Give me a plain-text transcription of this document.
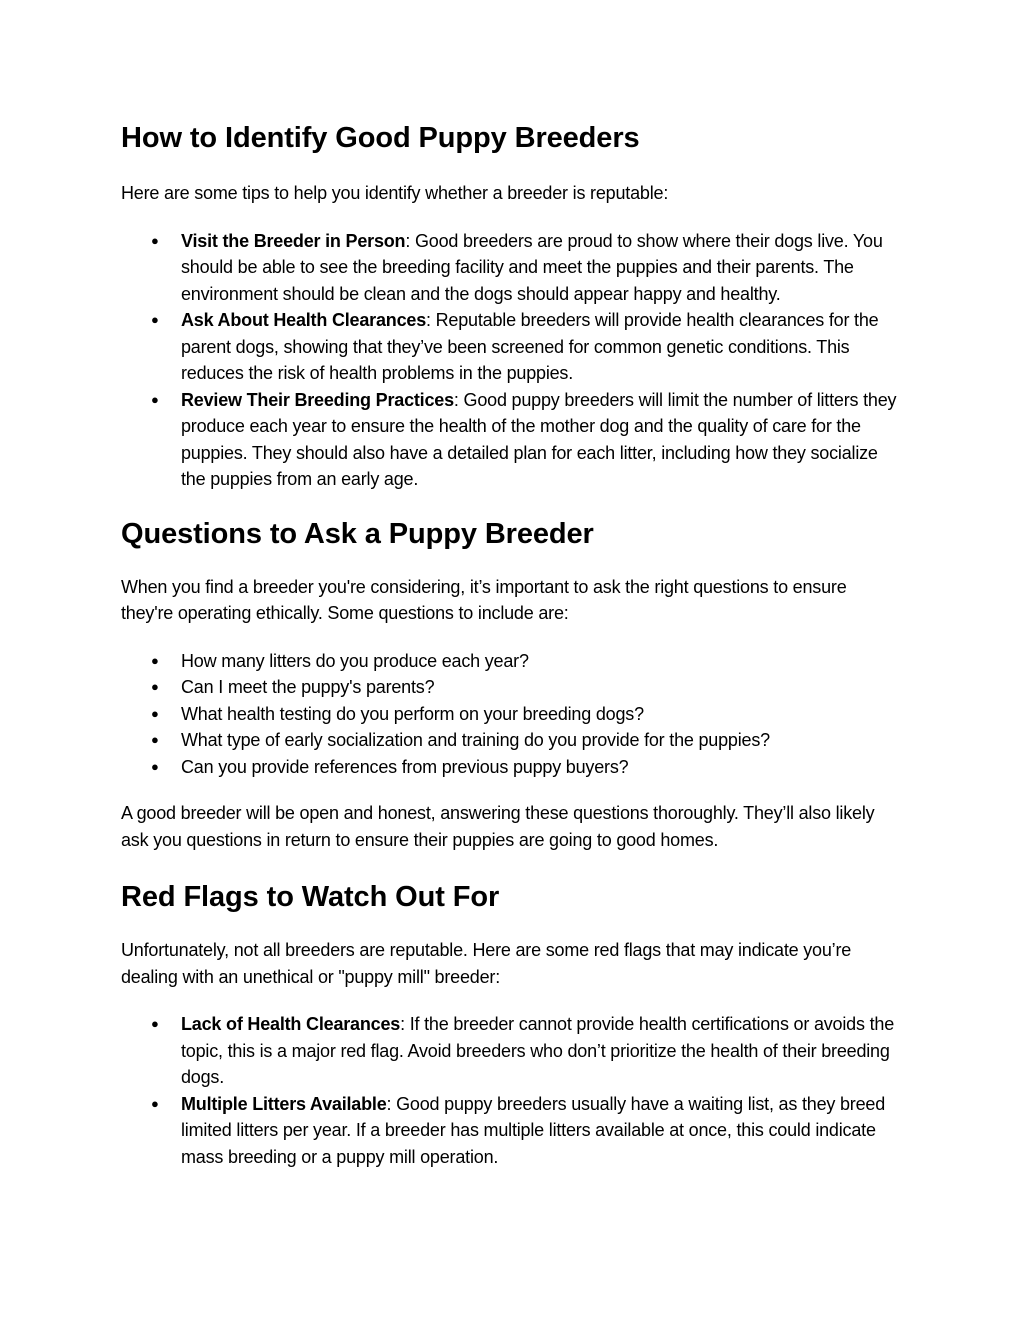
How to Identify Good Puppy Breeders

Here are some tips to help you identify whether a breeder is reputable:

● Visit the Breeder in Person: Good breeders are proud to show where their dogs live. You should be able to see the breeding facility and meet the puppies and their parents. The environment should be clean and the dogs should appear happy and healthy.
● Ask About Health Clearances: Reputable breeders will provide health clearances for the parent dogs, showing that they’ve been screened for common genetic conditions. This reduces the risk of health problems in the puppies.
● Review Their Breeding Practices: Good puppy breeders will limit the number of litters they produce each year to ensure the health of the mother dog and the quality of care for the puppies. They should also have a detailed plan for each litter, including how they socialize the puppies from an early age.
Questions to Ask a Puppy Breeder

When you find a breeder you're considering, it’s important to ask the right questions to ensure they're operating ethically. Some questions to include are:

● How many litters do you produce each year?
● Can I meet the puppy's parents?
● What health testing do you perform on your breeding dogs?
● What type of early socialization and training do you provide for the puppies?
● Can you provide references from previous puppy buyers?

A good breeder will be open and honest, answering these questions thoroughly. They’ll also likely ask you questions in return to ensure their puppies are going to good homes.

Red Flags to Watch Out For

Unfortunately, not all breeders are reputable. Here are some red flags that may indicate you’re dealing with an unethical or "puppy mill" breeder:

● Lack of Health Clearances: If the breeder cannot provide health certifications or avoids the topic, this is a major red flag. Avoid breeders who don’t prioritize the health of their breeding dogs.
● Multiple Litters Available: Good puppy breeders usually have a waiting list, as they breed limited litters per year. If a breeder has multiple litters available at once, this could indicate mass breeding or a puppy mill operation.
